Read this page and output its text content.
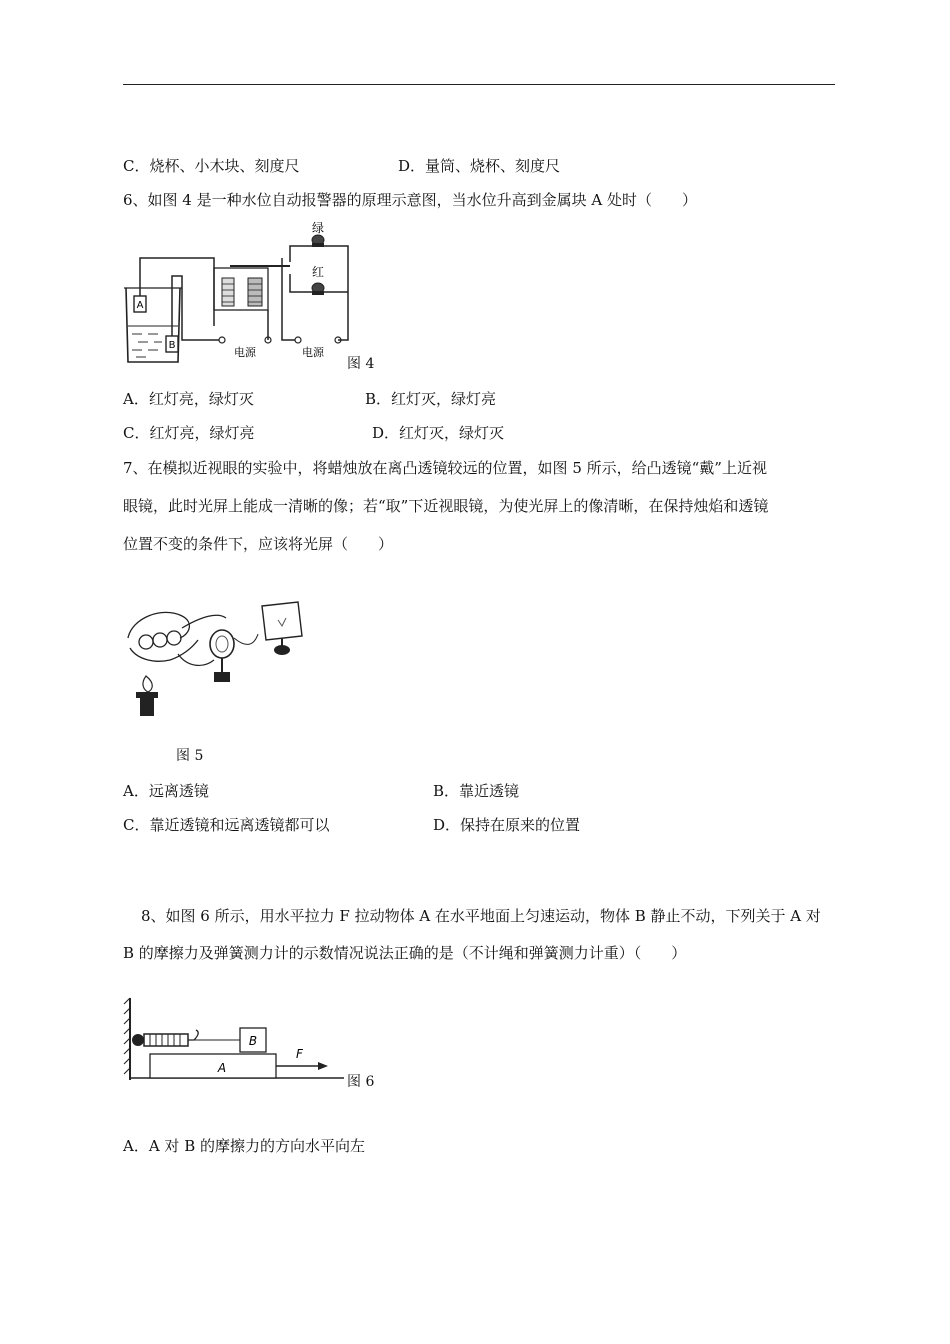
C．烧杯、小木块、刻度尺	D．量筒、烧杯、刻度尺
6、如图 4 是一种水位自动报警器的原理示意图，当水位升高到金属块 A 处时（　　）
A
B
电源	电源
绿
红
图 4
A．红灯亮，绿灯灭	B．红灯灭，绿灯亮
C．红灯亮，绿灯亮	D．红灯灭，绿灯灭
7、在模拟近视眼的实验中，将蜡烛放在离凸透镜较远的位置，如图 5 所示，给凸透镜“戴”上近视
眼镜，此时光屏上能成一清晰的像；若“取”下近视眼镜，为使光屏上的像清晰，在保持烛焰和透镜
位置不变的条件下，应该将光屏（　　）
图 5
A．远离透镜	B．靠近透镜
C．靠近透镜和远离透镜都可以	D．保持在原来的位置
8、如图 6 所示，用水平拉力 F 拉动物体 A 在水平地面上匀速运动，物体 B 静止不动，下列关于 A 对
B 的摩擦力及弹簧测力计的示数情况说法正确的是（不计绳和弹簧测力计重）（　　）
B
A
F
图 6
A．A 对 B 的摩擦力的方向水平向左
